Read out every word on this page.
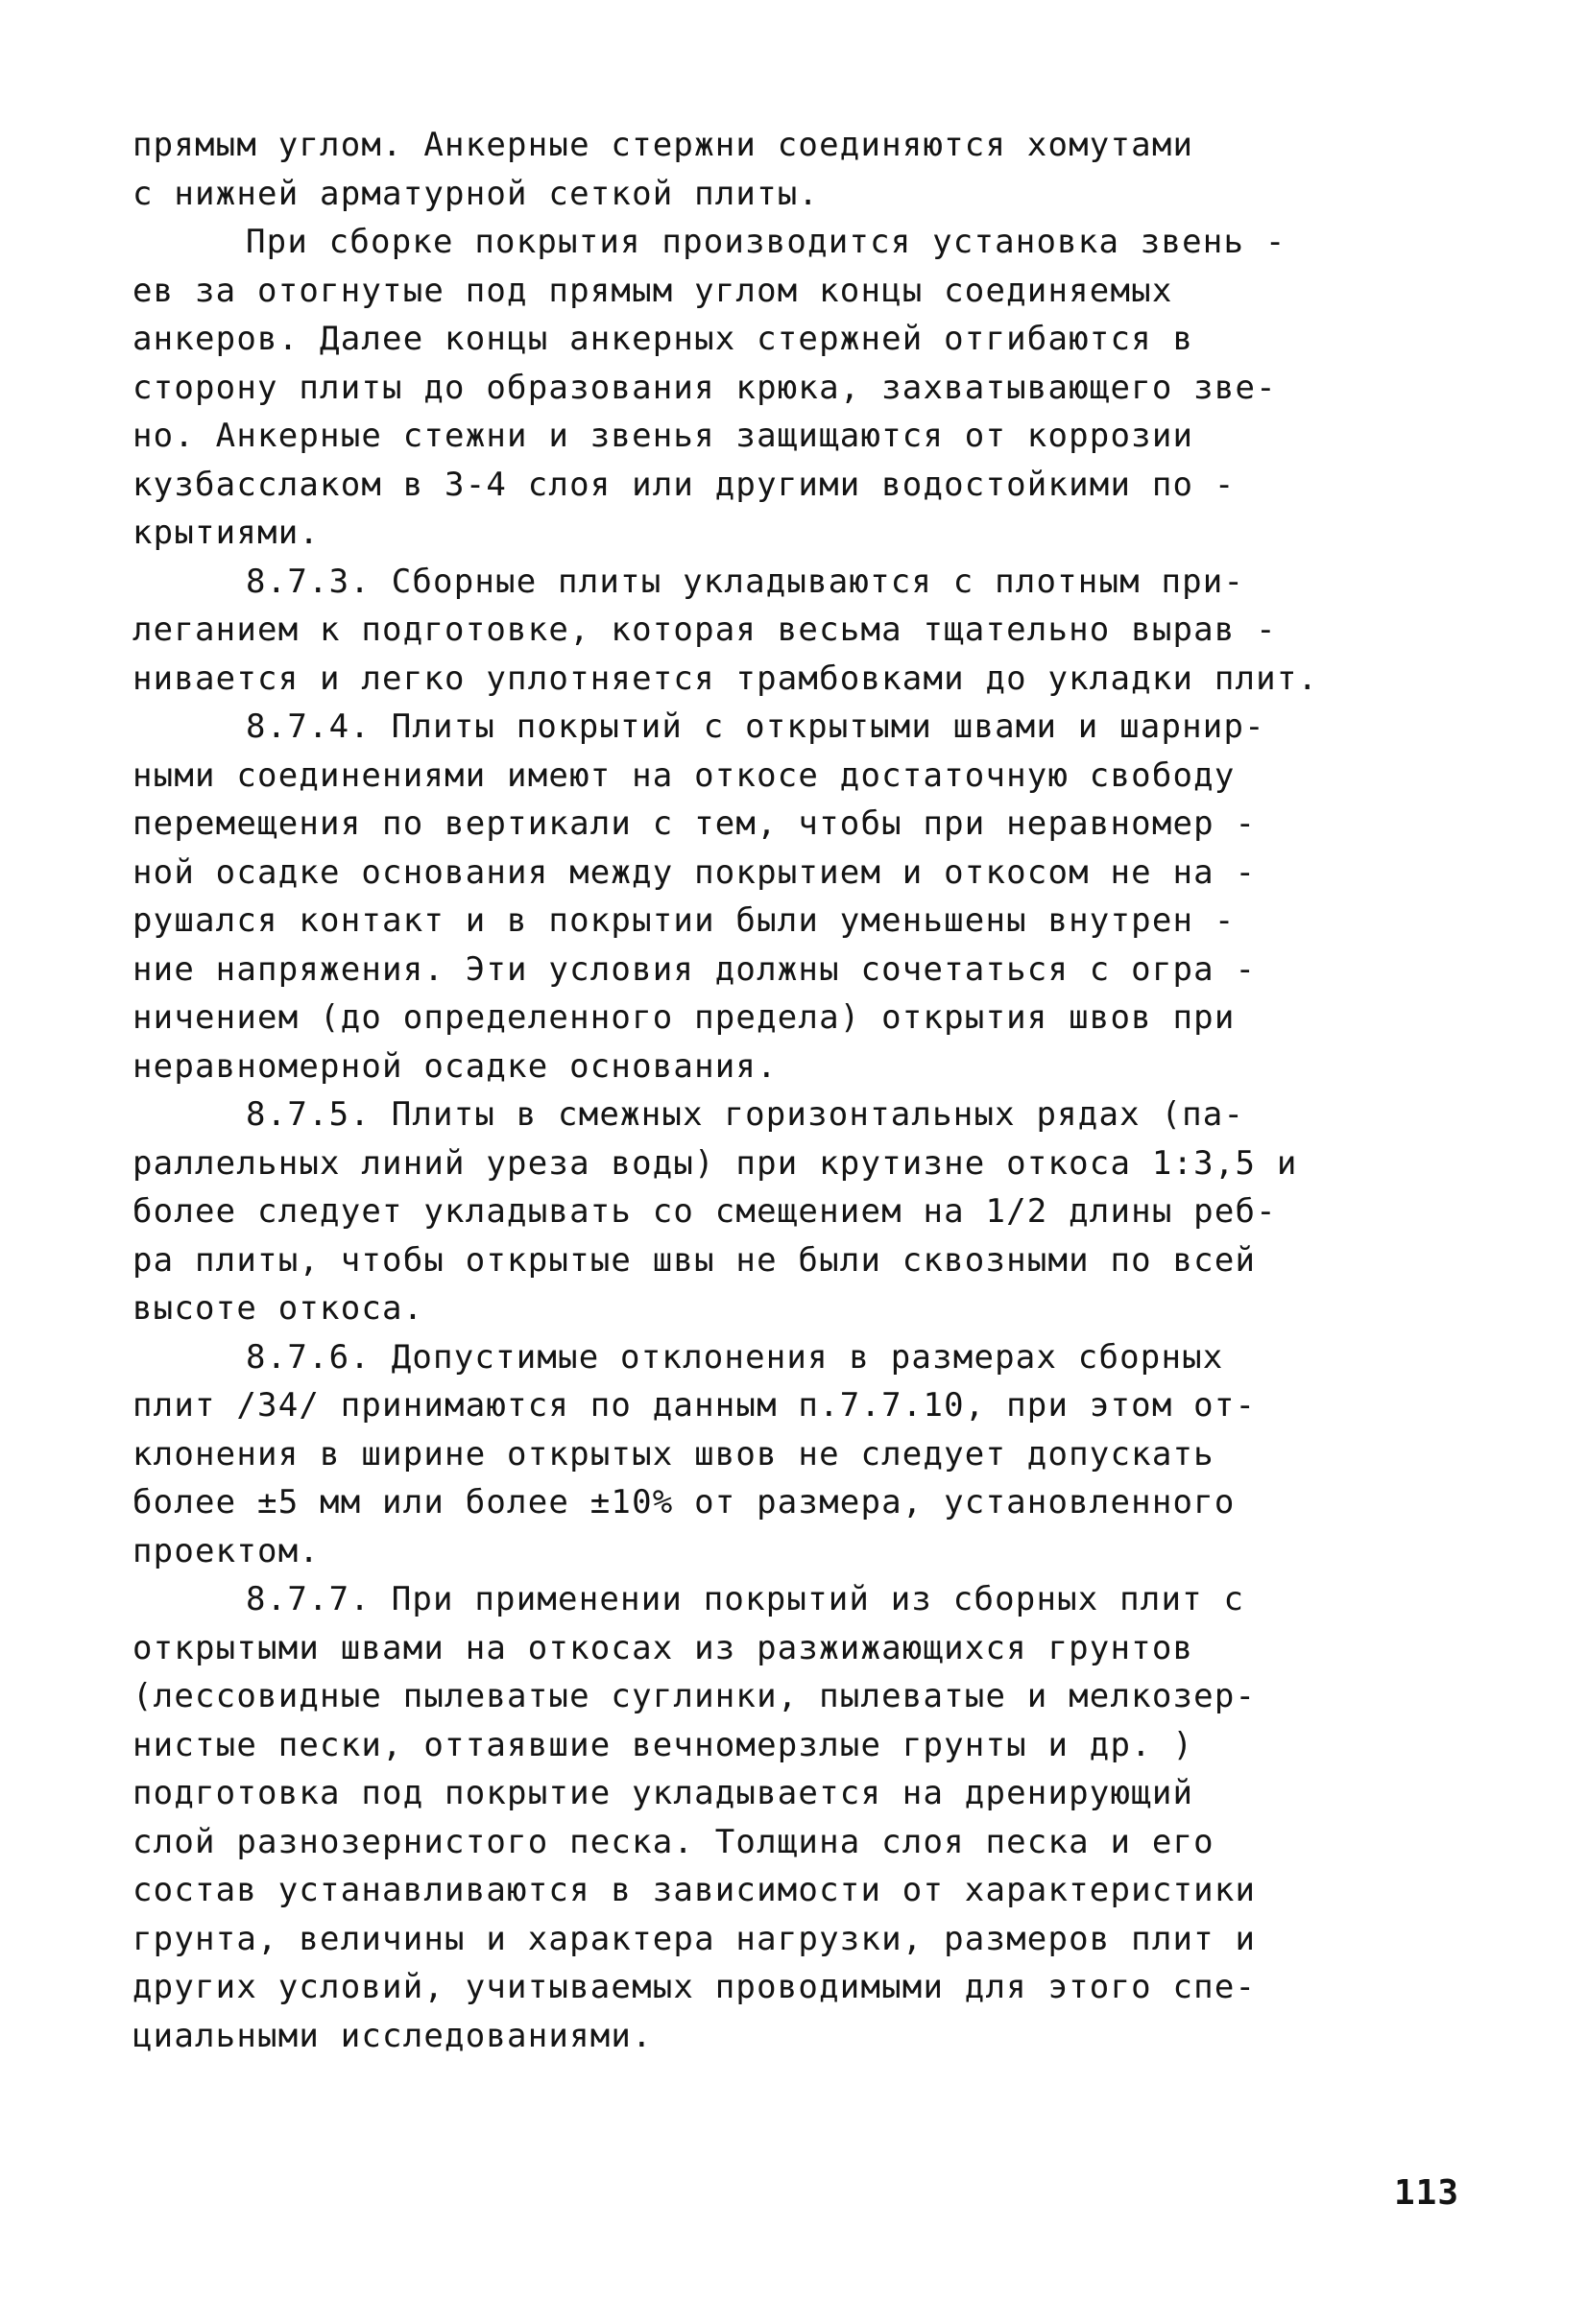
прямым углом. Анкерные стержни соединяются хомутами
с нижней арматурной сеткой плиты.
При сборке покрытия производится установка звень -
ев за отогнутые под прямым углом концы соединяемых
анкеров. Далее концы анкерных стержней отгибаются в
сторону плиты до образования крюка, захватывающего зве-
но. Анкерные стежни и звенья защищаются от коррозии
кузбасслаком в 3-4 слоя или другими водостойкими по -
крытиями.
8.7.3. Сборные плиты укладываются с плотным при-
леганием к подготовке, которая весьма тщательно вырав -
нивается и легко уплотняется трамбовками до укладки плит.
8.7.4. Плиты покрытий с открытыми швами и шарнир-
ными соединениями имеют на откосе достаточную свободу
перемещения по вертикали с тем, чтобы при неравномер -
ной осадке основания между покрытием и откосом не на -
рушался контакт и в покрытии были уменьшены внутрен -
ние напряжения. Эти условия должны сочетаться с огра -
ничением (до определенного предела) открытия швов при
неравномерной осадке основания.
8.7.5. Плиты в смежных горизонтальных рядах (па-
раллельных линий уреза воды) при крутизне откоса 1:3,5 и
более следует укладывать со смещением на 1/2 длины реб-
ра плиты, чтобы открытые швы не были сквозными по всей
высоте откоса.
8.7.6. Допустимые отклонения в размерах сборных
плит /34/ принимаются по данным п.7.7.10, при этом от-
клонения в ширине открытых швов не следует допускать
более ±5 мм или более ±10% от размера, установленного
проектом.
8.7.7. При применении покрытий из сборных плит с
открытыми швами на откосах из разжижающихся грунтов
(лессовидные пылеватые суглинки, пылеватые и мелкозер-
нистые пески, оттаявшие вечномерзлые грунты и др. )
подготовка под покрытие укладывается на дренирующий
слой разнозернистого песка. Толщина слоя песка и его
состав устанавливаются в зависимости от характеристики
грунта, величины и характера нагрузки, размеров плит и
других условий, учитываемых проводимыми для этого спе-
циальными исследованиями.
113
